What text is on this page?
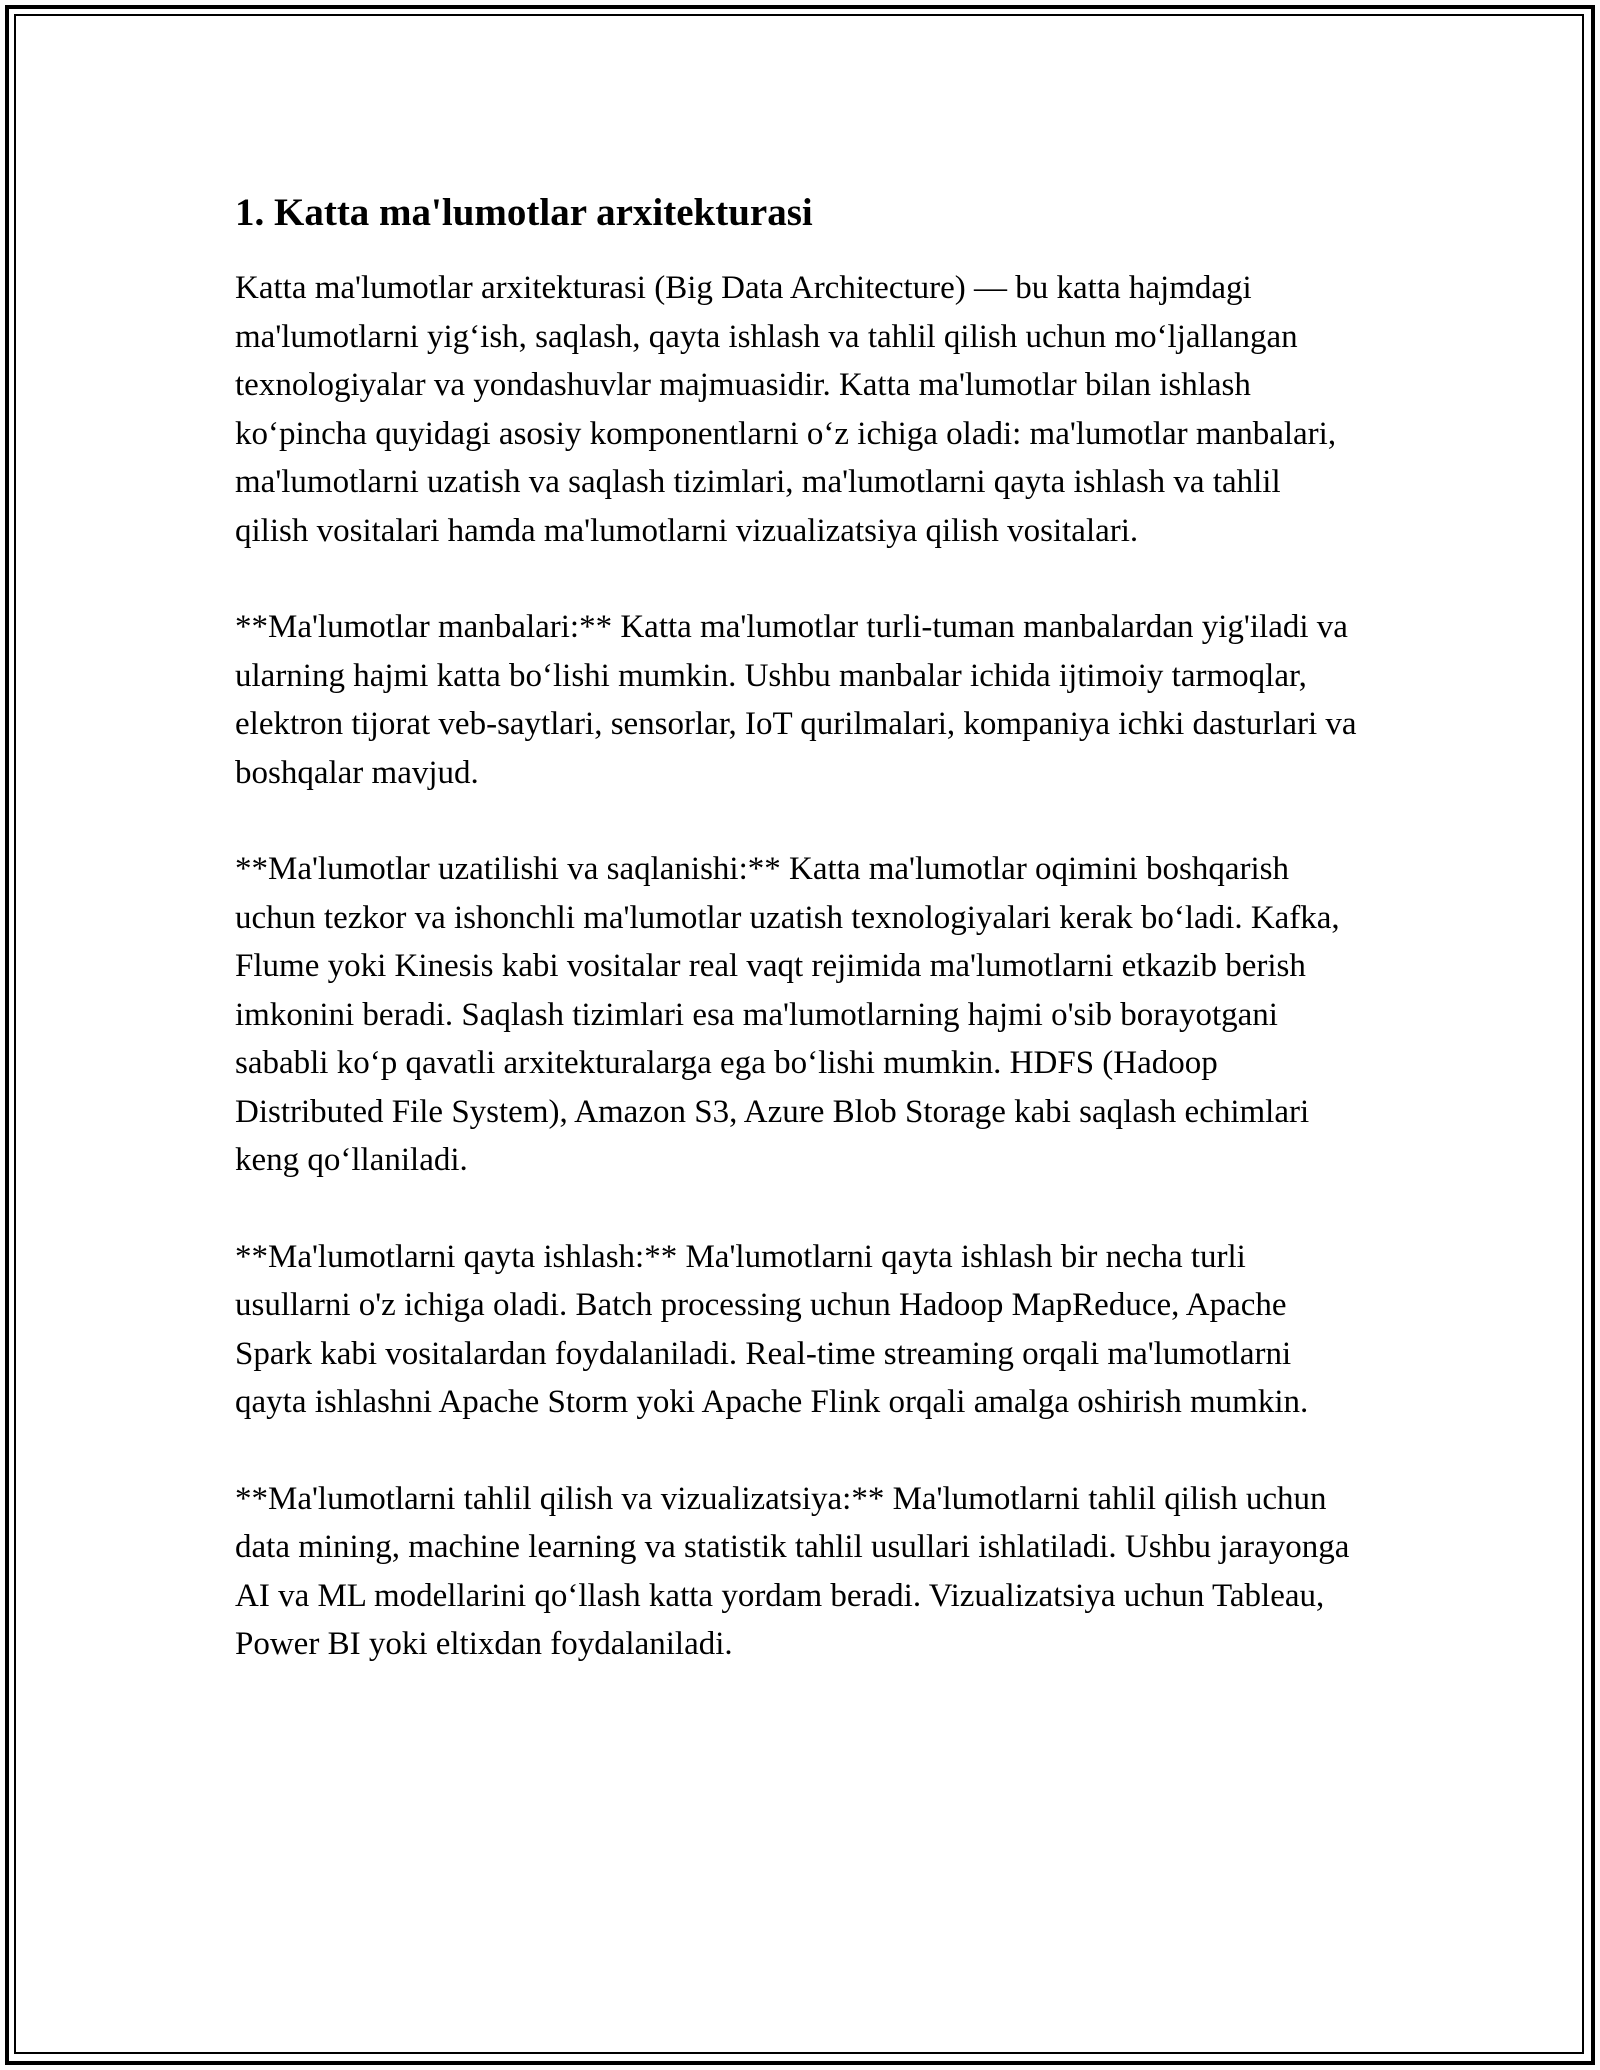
1. Katta ma'lumotlar arxitekturasi

Katta ma'lumotlar arxitekturasi (Big Data Architecture) — bu katta hajmdagi ma'lumotlarni yig‘ish, saqlash, qayta ishlash va tahlil qilish uchun mo‘ljallangan texnologiyalar va yondashuvlar majmuasidir. Katta ma'lumotlar bilan ishlash ko‘pincha quyidagi asosiy komponentlarni o‘z ichiga oladi: ma'lumotlar manbalari, ma'lumotlarni uzatish va saqlash tizimlari, ma'lumotlarni qayta ishlash va tahlil qilish vositalari hamda ma'lumotlarni vizualizatsiya qilish vositalari.

**Ma'lumotlar manbalari:** Katta ma'lumotlar turli-tuman manbalardan yig'iladi va ularning hajmi katta bo‘lishi mumkin. Ushbu manbalar ichida ijtimoiy tarmoqlar, elektron tijorat veb-saytlari, sensorlar, IoT qurilmalari, kompaniya ichki dasturlari va boshqalar mavjud.

**Ma'lumotlar uzatilishi va saqlanishi:** Katta ma'lumotlar oqimini boshqarish uchun tezkor va ishonchli ma'lumotlar uzatish texnologiyalari kerak bo‘ladi. Kafka, Flume yoki Kinesis kabi vositalar real vaqt rejimida ma'lumotlarni etkazib berish imkonini beradi. Saqlash tizimlari esa ma'lumotlarning hajmi o'sib borayotgani sababli ko‘p qavatli arxitekturalarga ega bo‘lishi mumkin. HDFS (Hadoop Distributed File System), Amazon S3, Azure Blob Storage kabi saqlash echimlari keng qo‘llaniladi.

**Ma'lumotlarni qayta ishlash:** Ma'lumotlarni qayta ishlash bir necha turli usullarni o'z ichiga oladi. Batch processing uchun Hadoop MapReduce, Apache Spark kabi vositalardan foydalaniladi. Real-time streaming orqali ma'lumotlarni qayta ishlashni Apache Storm yoki Apache Flink orqali amalga oshirish mumkin.

**Ma'lumotlarni tahlil qilish va vizualizatsiya:** Ma'lumotlarni tahlil qilish uchun data mining, machine learning va statistik tahlil usullari ishlatiladi. Ushbu jarayonga AI va ML modellarini qo‘llash katta yordam beradi. Vizualizatsiya uchun Tableau, Power BI yoki eltixdan foydalaniladi.
